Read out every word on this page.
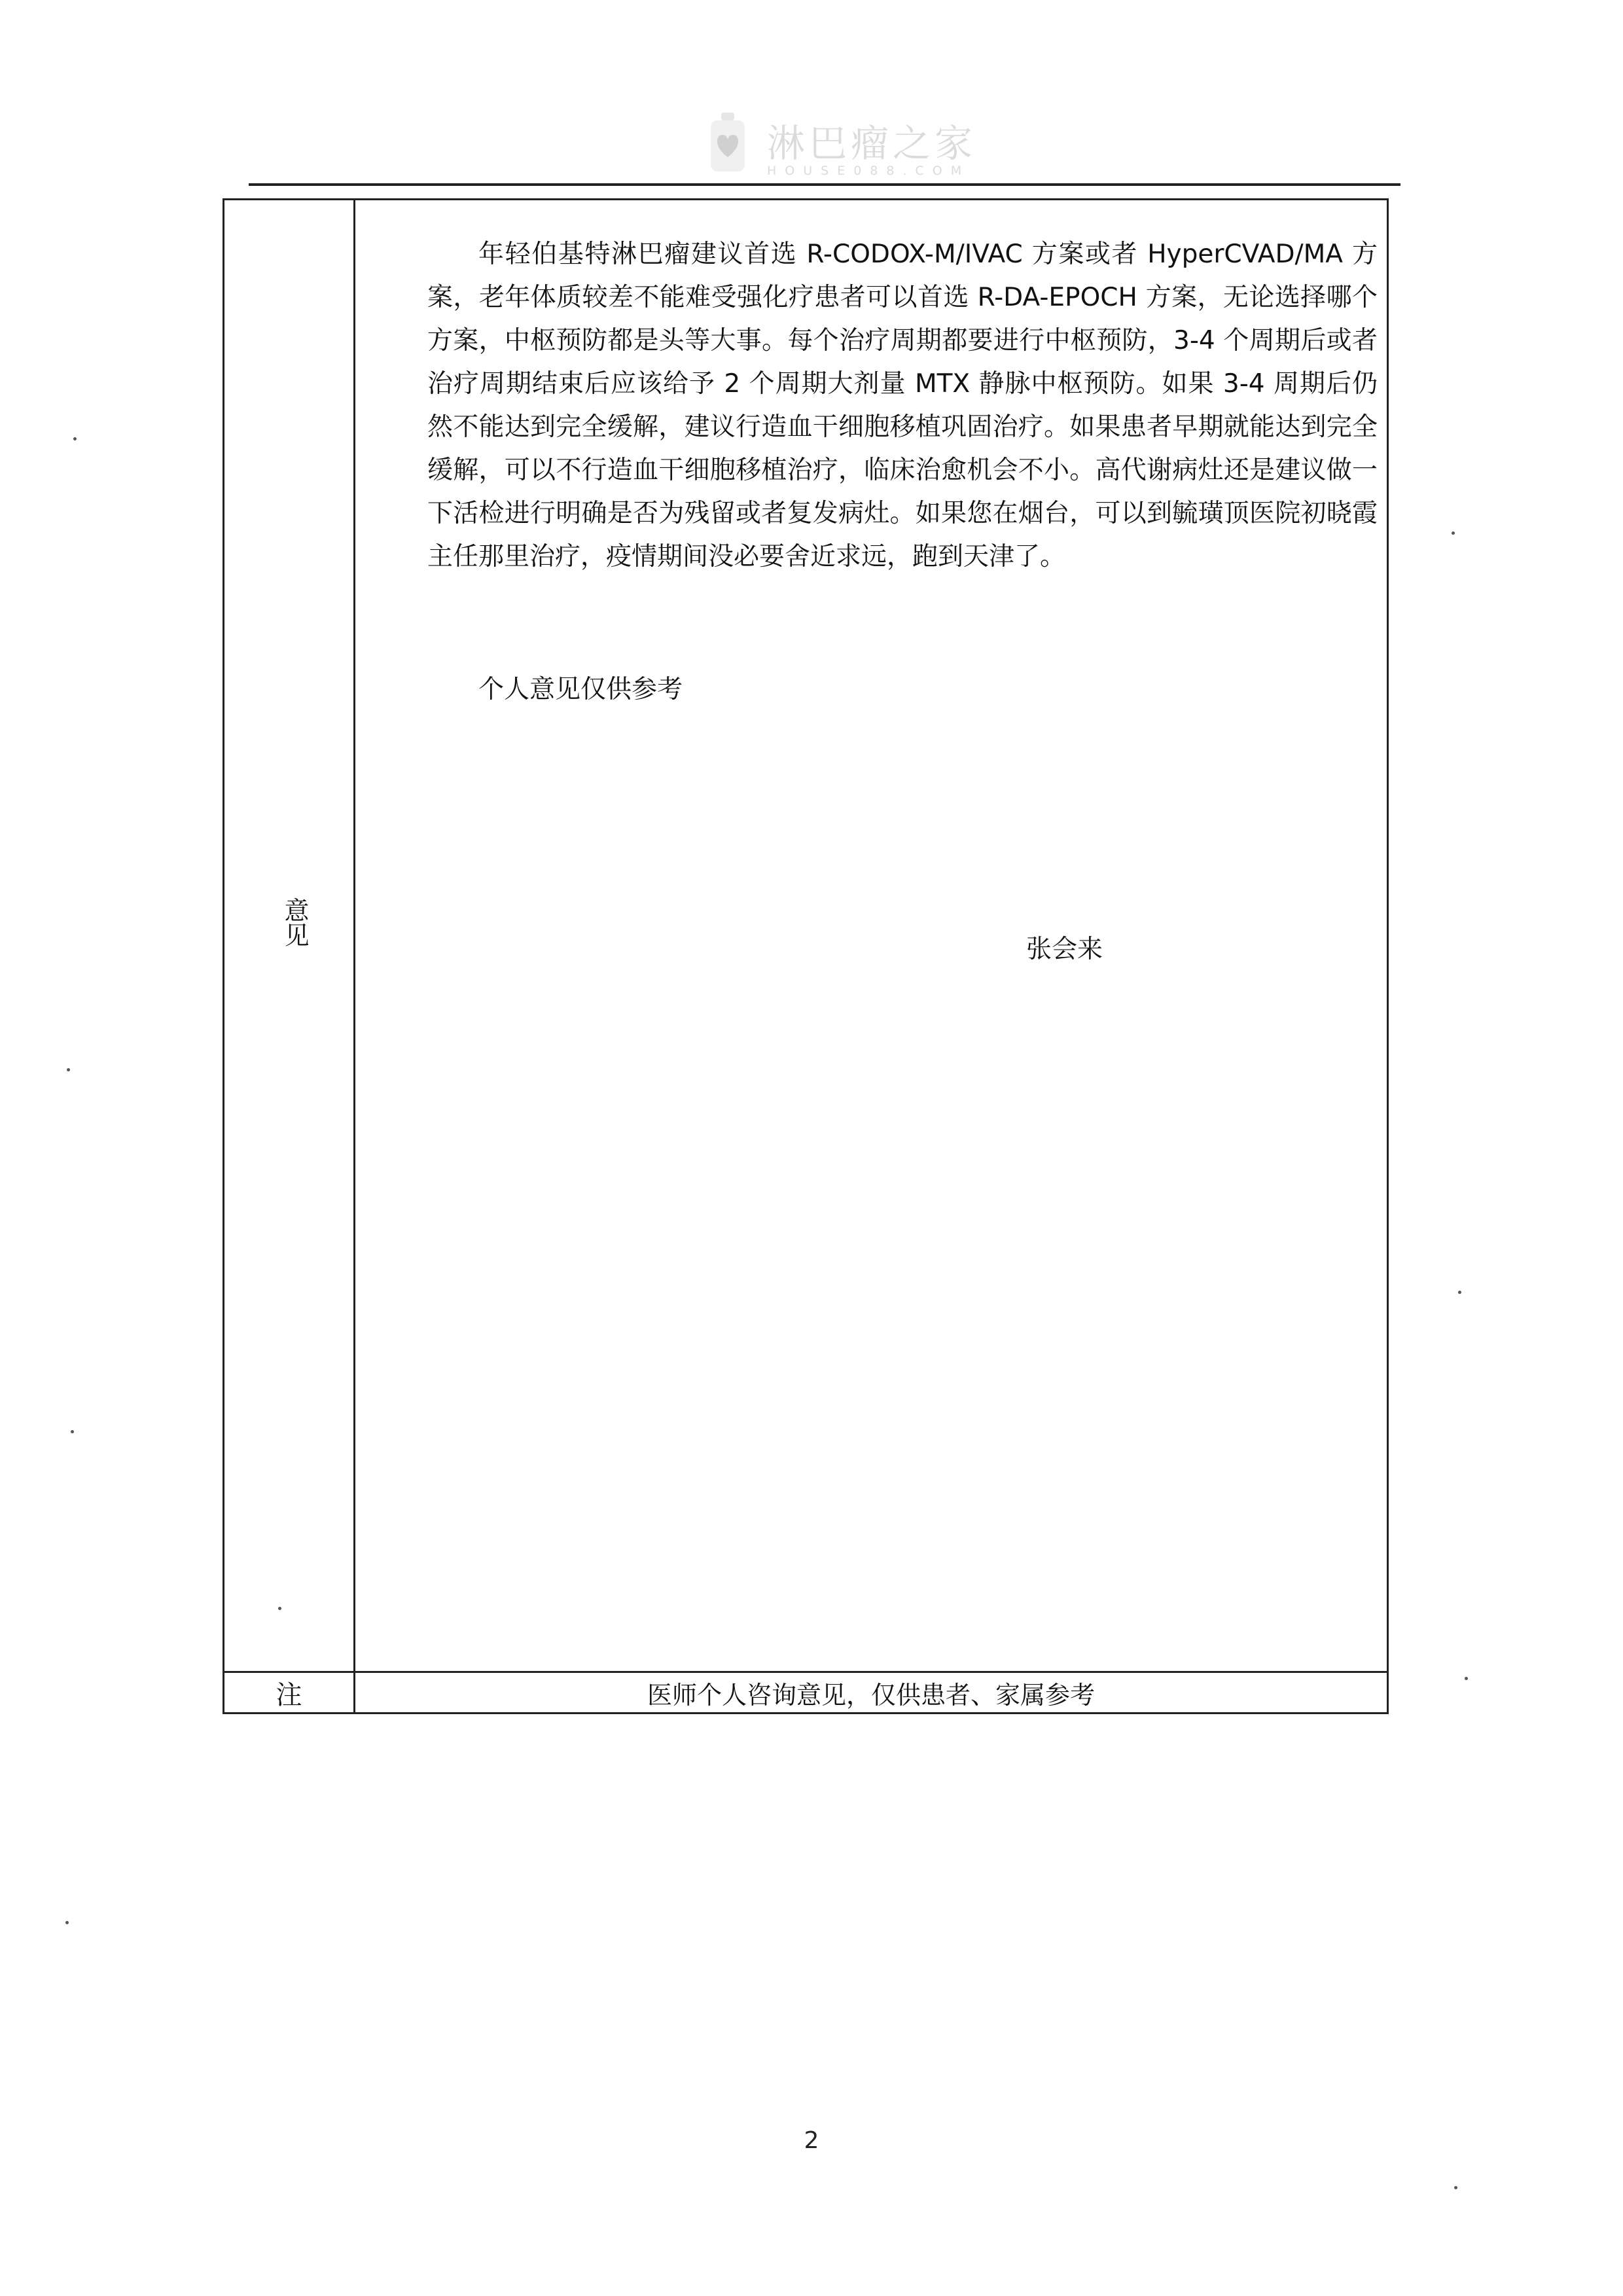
淋巴瘤之家
HOUSE088.COM
意见
年轻伯基特淋巴瘤建议首选 R-CODOX-M/IVAC 方案或者 HyperCVAD/MA 方案，老年体质较差不能难受强化疗患者可以首选 R-DA-EPOCH 方案，无论选择哪个方案，中枢预防都是头等大事。每个治疗周期都要进行中枢预防，3-4 个周期后或者治疗周期结束后应该给予 2 个周期大剂量 MTX 静脉中枢预防。如果 3-4 周期后仍然不能达到完全缓解，建议行造血干细胞移植巩固治疗。如果患者早期就能达到完全缓解，可以不行造血干细胞移植治疗，临床治愈机会不小。高代谢病灶还是建议做一下活检进行明确是否为残留或者复发病灶。如果您在烟台，可以到毓璜顶医院初晓霞主任那里治疗，疫情期间没必要舍近求远，跑到天津了。
个人意见仅供参考
张会来
注	医师个人咨询意见，仅供患者、家属参考
2
